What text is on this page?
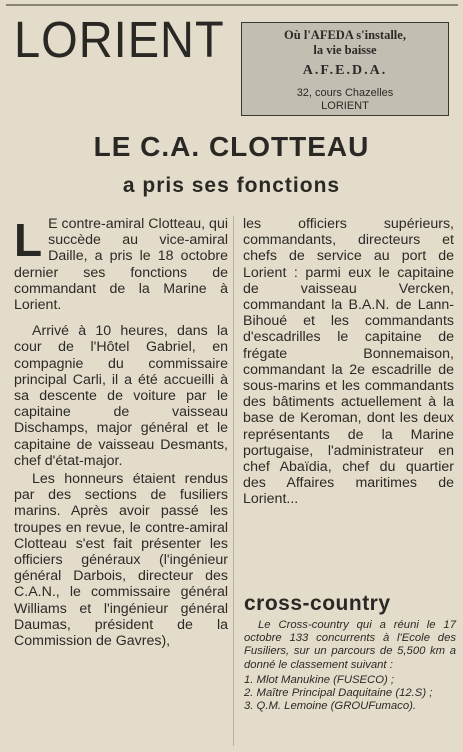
LORIENT	Où l'AFEDA s'installe,
la vie baisse
A.F.E.D.A.
32, cours Chazelles
LORIENT
LE C.A. CLOTTEAU
a pris ses fonctions

L E contre-amiral Clotteau, qui succède au vice-amiral Daille, a pris le 18 octobre dernier ses fonctions de commandant de la Marine à Lorient.

Arrivé à 10 heures, dans la cour de l'Hôtel Gabriel, en compagnie du commissaire principal Carli, il a été accueilli à sa descente de voiture par le capitaine de vaisseau Dischamps, major général et le capitaine de vaisseau Desmants, chef d'état-major.

Les honneurs étaient rendus par des sections de fusiliers marins. Après avoir passé les troupes en revue, le contre-amiral Clotteau s'est fait présenter les officiers généraux (l'ingénieur général Darbois, directeur des C.A.N., le commissaire général Williams et l'ingénieur général Daumas, président de la Commission de Gavres),

les officiers supérieurs, commandants, directeurs et chefs de service au port de Lorient : parmi eux le capitaine de vaisseau Vercken, commandant la B.A.N. de Lann-Bihoué et les commandants d'escadrilles le capitaine de frégate Bonnemaison, commandant la 2e escadrille de sous-marins et les commandants des bâtiments actuellement à la base de Keroman, dont les deux représentants de la Marine portugaise, l'administrateur en chef Abaïdia, chef du quartier des Affaires maritimes de Lorient...

cross-country

Le Cross-country qui a réuni le 17 octobre 133 concurrents à l'Ecole des Fusiliers, sur un parcours de 5,500 km a donné le classement suivant :

1. Mlot Manukine (FUSECO) ;
2. Maître Principal Daquitaine (12.S) ;
3. Q.M. Lemoine (GROUFumaco).
